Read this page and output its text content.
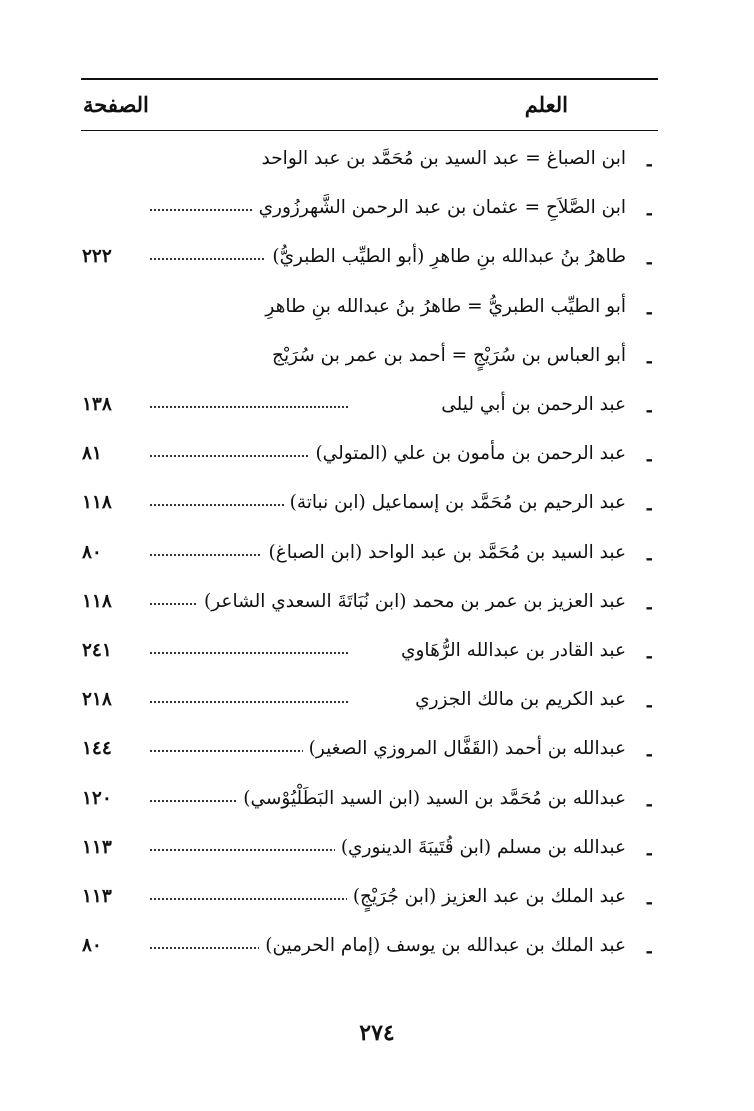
العلم
الصفحة
-
ابن الصباغ = عبد السيد بن مُحَمَّد بن عبد الواحد
-
ابن الصَّلاَحِ = عثمان بن عبد الرحمن الشَّهرزُوري
-
طاهرُ بنُ عبدالله بنِ طاهرِ (أبو الطيِّب الطبريُّ)
٢٢٢
-
أبو الطيِّب الطبريُّ = طاهرُ بنُ عبدالله بنِ طاهرِ
-
أبو العباس بن سُرَيْجٍ = أحمد بن عمر بن سُرَيْج
-
عبد الرحمن بن أبي ليلى
١٣٨
-
عبد الرحمن بن مأمون بن علي (المتولي)
٨١
-
عبد الرحيم بن مُحَمَّد بن إسماعيل (ابن نباتة)
١١٨
-
عبد السيد بن مُحَمَّد بن عبد الواحد (ابن الصباغ)
٨٠
-
عبد العزيز بن عمر بن محمد (ابن نُبَاتَةَ السعدي الشاعر)
١١٨
-
عبد القادر بن عبدالله الرُّهَاوي
٢٤١
-
عبد الكريم بن مالك الجزري
٢١٨
-
عبدالله بن أحمد (القَفَّال المروزي الصغير)
١٤٤
-
عبدالله بن مُحَمَّد بن السيد (ابن السيد البَطَلْيُوْسي)
١٢٠
-
عبدالله بن مسلم (ابن قُتَيبَةَ الدينوري)
١١٣
-
عبد الملك بن عبد العزيز (ابن جُرَيْجٍ)
١١٣
-
عبد الملك بن عبدالله بن يوسف (إمام الحرمين)
٨٠
٢٧٤
